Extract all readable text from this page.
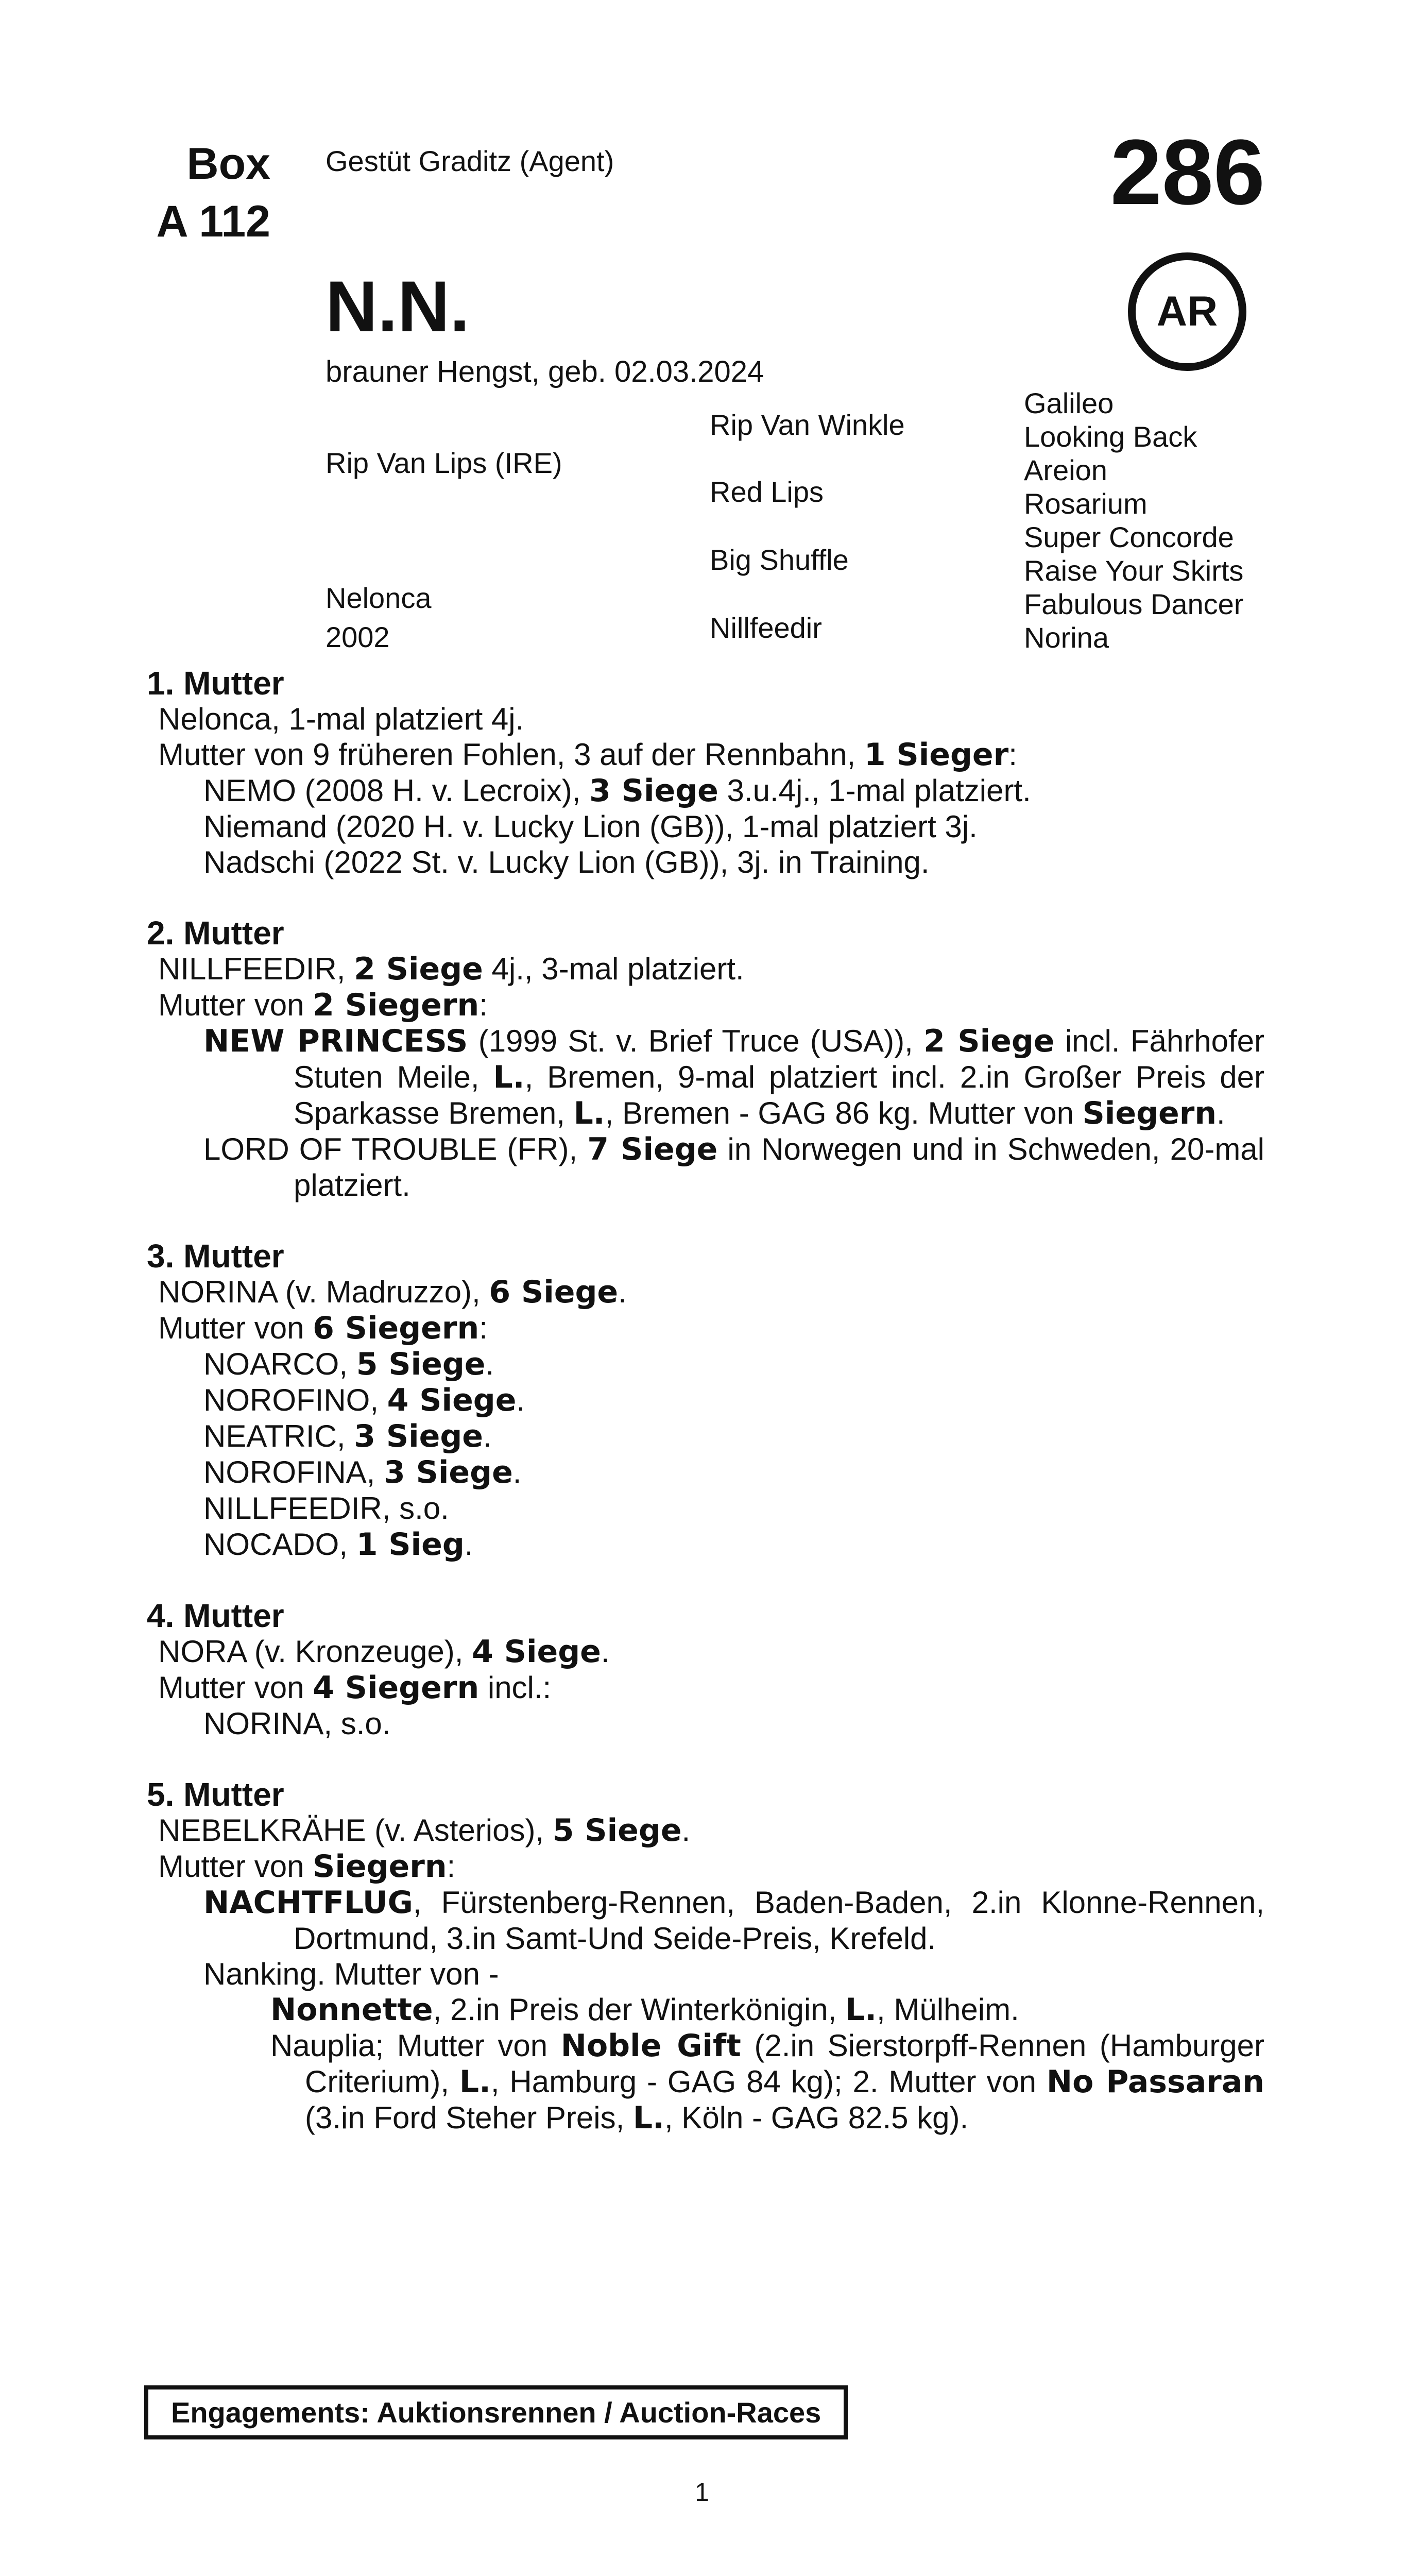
Box
A 112
Gestüt Graditz (Agent)	286
AR
N.N.
brauner Hengst, geb. 02.03.2024
Rip Van Lips (IRE)
Nelonca
2002
Rip Van Winkle
Red Lips
Big Shuffle
Nillfeedir
Galileo
Looking Back
Areion
Rosarium
Super Concorde
Raise Your Skirts
Fabulous Dancer
Norina
1. Mutter
Nelonca, 1-mal platziert 4j.
Mutter von 9 früheren Fohlen, 3 auf der Rennbahn, 1 Sieger:
NEMO (2008 H. v. Lecroix), 3 Siege 3.u.4j., 1-mal platziert.
Niemand (2020 H. v. Lucky Lion (GB)), 1-mal platziert 3j.
Nadschi (2022 St. v. Lucky Lion (GB)), 3j. in Training.
2. Mutter
NILLFEEDIR, 2 Siege 4j., 3-mal platziert.
Mutter von 2 Siegern:
NEW PRINCESS (1999 St. v. Brief Truce (USA)), 2 Siege incl. Fährhofer Stuten Meile, L., Bremen, 9-mal platziert incl. 2.in Großer Preis der Sparkasse Bremen, L., Bremen - GAG 86 kg. Mutter von Siegern.
LORD OF TROUBLE (FR), 7 Siege in Norwegen und in Schweden, 20-mal platziert.
3. Mutter
NORINA (v. Madruzzo), 6 Siege.
Mutter von 6 Siegern:
NOARCO, 5 Siege.
NOROFINO, 4 Siege.
NEATRIC, 3 Siege.
NOROFINA, 3 Siege.
NILLFEEDIR, s.o.
NOCADO, 1 Sieg.
4. Mutter
NORA (v. Kronzeuge), 4 Siege.
Mutter von 4 Siegern incl.:
NORINA, s.o.
5. Mutter
NEBELKRÄHE (v. Asterios), 5 Siege.
Mutter von Siegern:
NACHTFLUG, Fürstenberg-Rennen, Baden-Baden, 2.in Klonne-Rennen, Dortmund, 3.in Samt-Und Seide-Preis, Krefeld.
Nanking. Mutter von -
Nonnette, 2.in Preis der Winterkönigin, L., Mülheim.
Nauplia; Mutter von Noble Gift (2.in Sierstorpff-Rennen (Hamburger Criterium), L., Hamburg - GAG 84 kg); 2. Mutter von No Passaran (3.in Ford Steher Preis, L., Köln - GAG 82.5 kg).
Engagements: Auktionsrennen / Auction-Races
1
